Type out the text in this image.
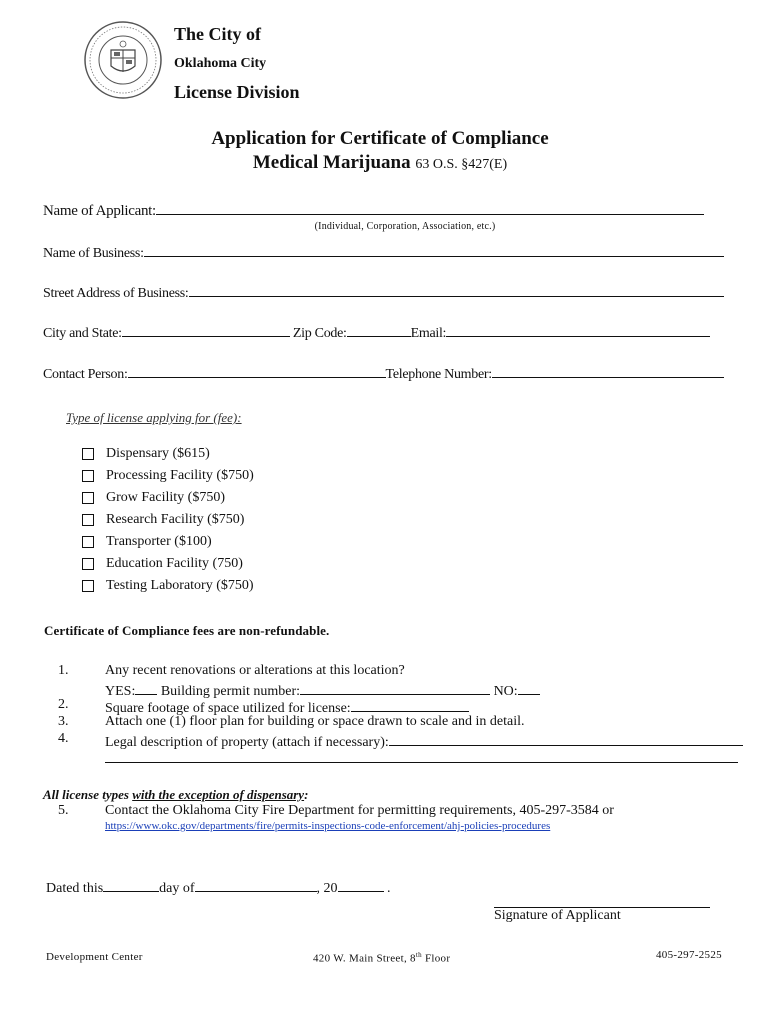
The City of
Oklahoma City
License Division
Application for Certificate of Compliance
Medical Marijuana 63 O.S. §427(E)
Name of Applicant:
(Individual, Corporation, Association, etc.)
Name of Business:
Street Address of Business:
City and State:	Zip Code:	Email:
Contact Person:	Telephone Number:
Type of license applying for (fee):
Dispensary ($615)
Processing Facility ($750)
Grow Facility ($750)
Research Facility ($750)
Transporter ($100)
Education Facility (750)
Testing Laboratory ($750)
Certificate of Compliance fees are non-refundable.
1.	Any recent renovations or alterations at this location?
YES: Building permit number:	NO:
2.	Square footage of space utilized for license:
3.	Attach one (1) floor plan for building or space drawn to scale and in detail.
4.	Legal description of property (attach if necessary):
All license types with the exception of dispensary:
5.	Contact the Oklahoma City Fire Department for permitting requirements, 405-297-3584 or
https://www.okc.gov/departments/fire/permits-inspections-code-enforcement/ahj-policies-procedures
Dated this	day of	, 20	.
Signature of Applicant
Development Center	420 W. Main Street, 8th Floor	405-297-2525
